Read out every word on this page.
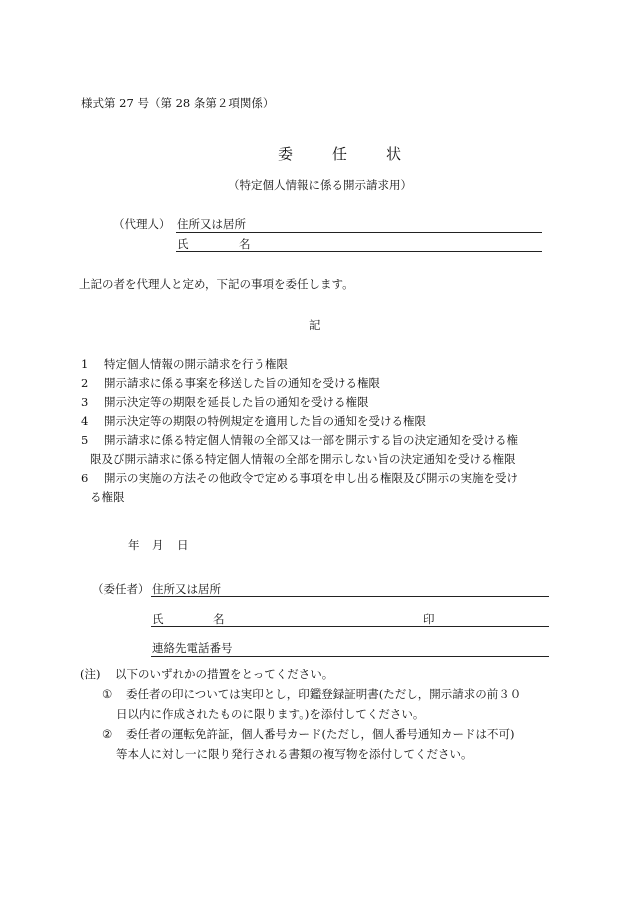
様式第 27 号（第 28 条第２項関係）
委　任　状
（特定個人情報に係る開示請求用）
（代理人） 住所又は居所
氏	名
上記の者を代理人と定め，下記の事項を委任します。
記
1 特定個人情報の開示請求を行う権限
2 開示請求に係る事案を移送した旨の通知を受ける権限
3 開示決定等の期限を延長した旨の通知を受ける権限
4 開示決定等の期限の特例規定を適用した旨の通知を受ける権限
5 開示請求に係る特定個人情報の全部又は一部を開示する旨の決定通知を受ける権
限及び開示請求に係る特定個人情報の全部を開示しない旨の決定通知を受ける権限
6 開示の実施の方法その他政令で定める事項を申し出る権限及び開示の実施を受け
る権限
年 月 日
（委任者） 住所又は居所
氏	名	印
連絡先電話番号
(注) 以下のいずれかの措置をとってください。
① 委任者の印については実印とし，印鑑登録証明書(ただし，開示請求の前３０
日以内に作成されたものに限ります。)を添付してください。
② 委任者の運転免許証，個人番号カード(ただし，個人番号通知カードは不可)
等本人に対し一に限り発行される書類の複写物を添付してください。
